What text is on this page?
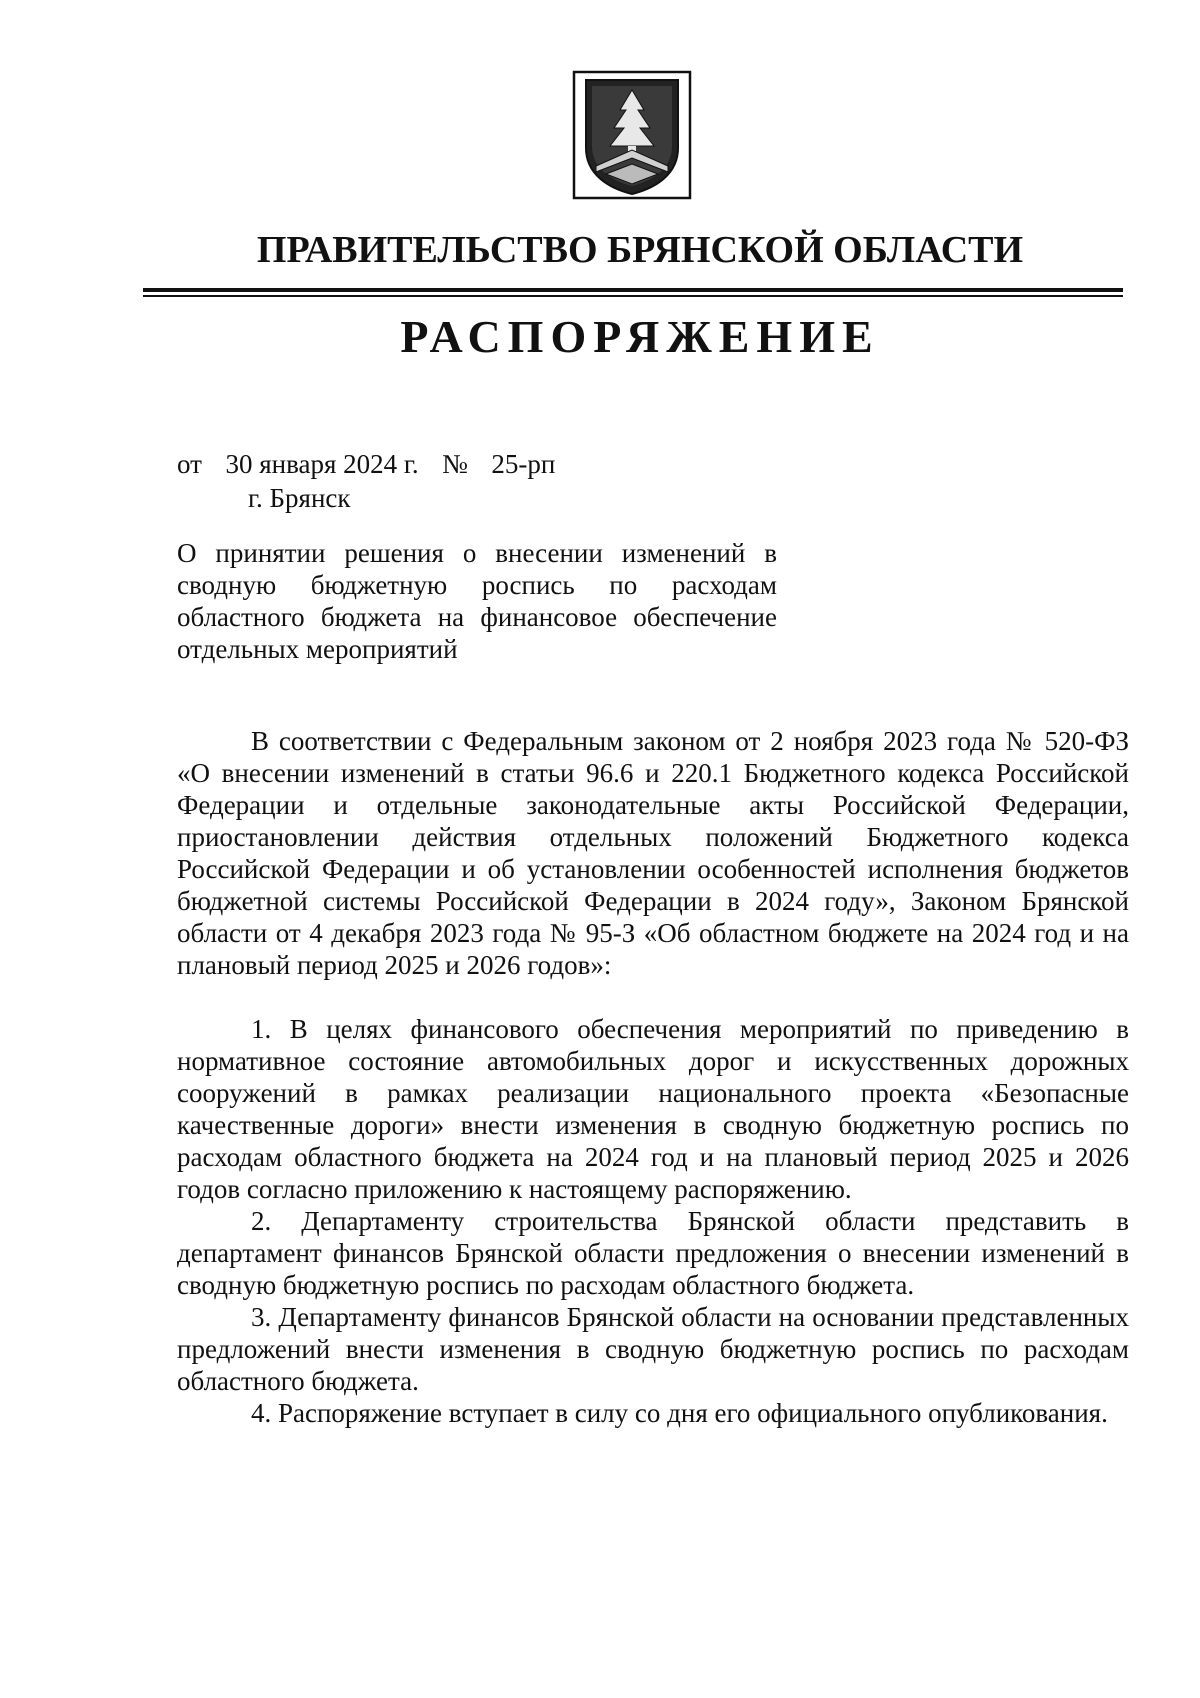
ПРАВИТЕЛЬСТВО БРЯНСКОЙ ОБЛАСТИ
РАСПОРЯЖЕНИЕ
от 30 января 2024 г. № 25-рп
г. Брянск
О принятии решения о внесении изменений в сводную бюджетную роспись по расходам областного бюджета на финансовое обеспечение отдельных мероприятий

В соответствии с Федеральным законом от 2 ноября 2023 года № 520-ФЗ «О внесении изменений в статьи 96.6 и 220.1 Бюджетного кодекса Российской Федерации и отдельные законодательные акты Российской Федерации, приостановлении действия отдельных положений Бюджетного кодекса Российской Федерации и об установлении особенностей исполнения бюджетов бюджетной системы Российской Федерации в 2024 году», Законом Брянской области от 4 декабря 2023 года № 95-З «Об областном бюджете на 2024 год и на плановый период 2025 и 2026 годов»:

1. В целях финансового обеспечения мероприятий по приведению в нормативное состояние автомобильных дорог и искусственных дорожных сооружений в рамках реализации национального проекта «Безопасные качественные дороги» внести изменения в сводную бюджетную роспись по расходам областного бюджета на 2024 год и на плановый период 2025 и 2026 годов согласно приложению к настоящему распоряжению.

2. Департаменту строительства Брянской области представить в департамент финансов Брянской области предложения о внесении изменений в сводную бюджетную роспись по расходам областного бюджета.

3. Департаменту финансов Брянской области на основании представленных предложений внести изменения в сводную бюджетную роспись по расходам областного бюджета.

4. Распоряжение вступает в силу со дня его официального опубликования.
